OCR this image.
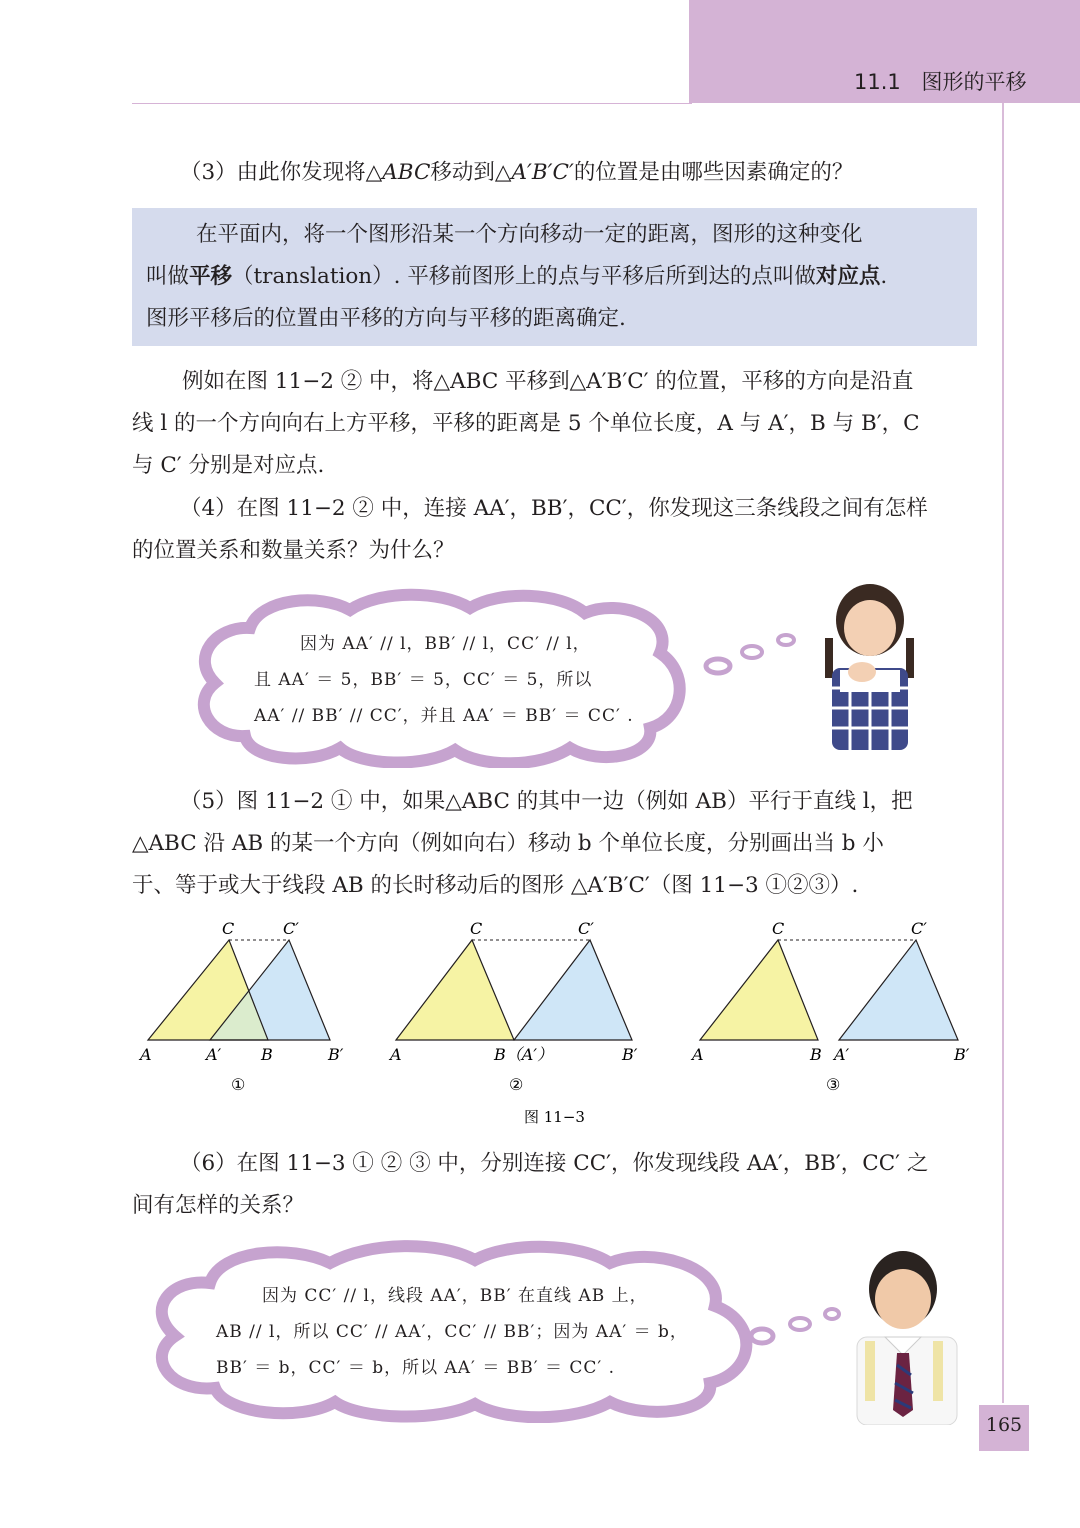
11.1 图形的平移
（3）由此你发现将△ABC移动到△A′B′C′的位置是由哪些因素确定的？
在平面内，将一个图形沿某一个方向移动一定的距离，图形的这种变化
叫做平移（translation）. 平移前图形上的点与平移后所到达的点叫做对应点.
图形平移后的位置由平移的方向与平移的距离确定.
例如在图 11−2 ② 中，将△ABC 平移到△A′B′C′ 的位置，平移的方向是沿直
线 l 的一个方向向右上方平移，平移的距离是 5 个单位长度，A 与 A′，B 与 B′，C
与 C′ 分别是对应点.
（4）在图 11−2 ② 中，连接 AA′，BB′，CC′，你发现这三条线段之间有怎样
的位置关系和数量关系？为什么？
因为 AA′ // l，BB′ // l，CC′ // l，
且 AA′ ＝ 5，BB′ ＝ 5，CC′ ＝ 5，所以
AA′ // BB′ // CC′，并且 AA′ ＝ BB′ ＝ CC′ .
（5）图 11−2 ① 中，如果△ABC 的其中一边（例如 AB）平行于直线 l，把
△ABC 沿 AB 的某一个方向（例如向右）移动 b 个单位长度，分别画出当 b 小
于、等于或大于线段 AB 的长时移动后的图形 △A′B′C′（图 11−3 ①②③）.
C	C′
A	A′ B	B′
①
C	C′
A	B（A′）	B′
②
C	C′
A	B A′	B′
③
图 11−3
（6）在图 11−3 ① ② ③ 中，分别连接 CC′，你发现线段 AA′，BB′，CC′ 之
间有怎样的关系？
因为 CC′ // l，线段 AA′，BB′ 在直线 AB 上，
AB // l，所以 CC′ // AA′，CC′ // BB′；因为 AA′ ＝ b，
BB′ ＝ b，CC′ ＝ b，所以 AA′ ＝ BB′ ＝ CC′ .
165
